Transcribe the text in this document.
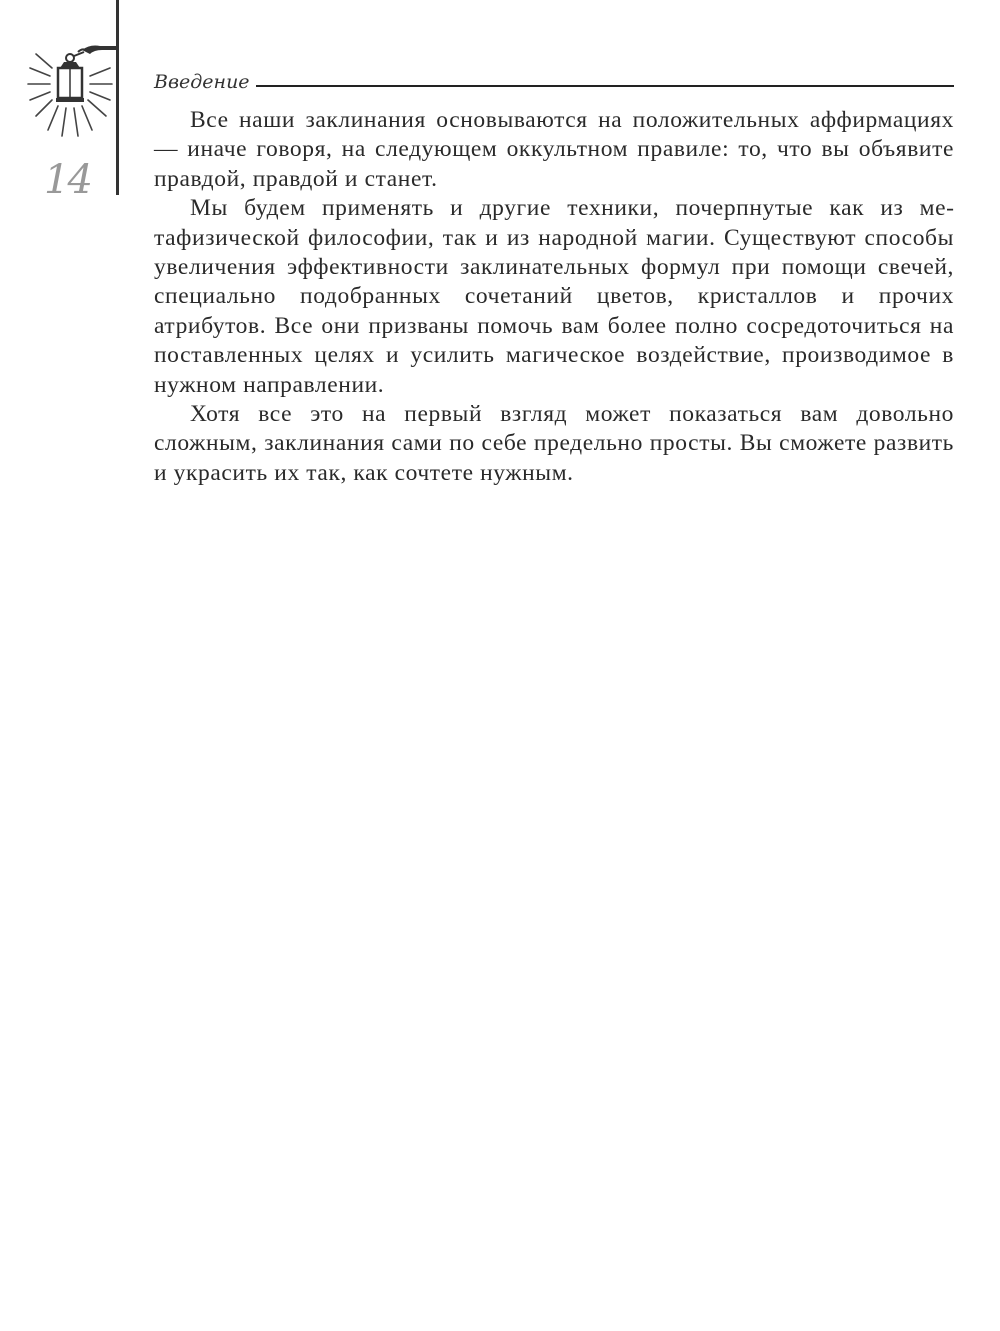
14
Введение

Все наши заклинания основываются на положительных аффирмациях — иначе говоря, на следующем оккультном правиле: то, что вы объявите правдой, правдой и станет.

Мы будем применять и другие техники, почерпнутые как из метафизической философии, так и из народной магии. Существуют способы увеличения эффективности заклинательных формул при помощи свечей, специально подобранных сочетаний цветов, кристаллов и прочих атрибутов. Все они призваны помочь вам более полно сосредоточиться на поставленных целях и усилить магическое воздействие, производимое в нужном направлении.

Хотя все это на первый взгляд может показаться вам довольно сложным, заклинания сами по себе предельно просты. Вы сможете развить и украсить их так, как сочтете нужным.
